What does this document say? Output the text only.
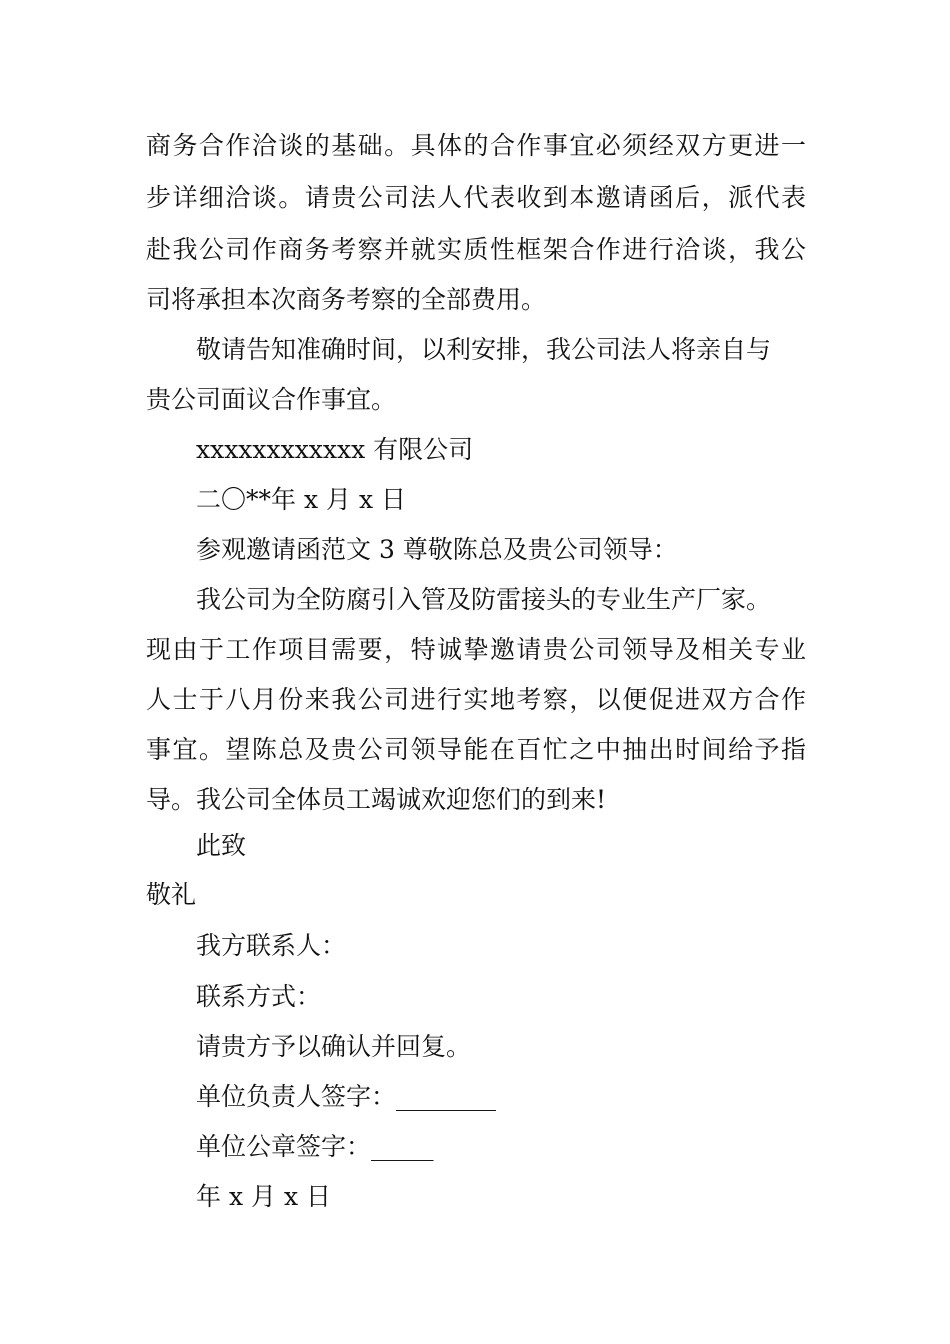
商务合作洽谈的基础。具体的合作事宜必须经双方更进一
步详细洽谈。请贵公司法人代表收到本邀请函后，派代表
赴我公司作商务考察并就实质性框架合作进行洽谈，我公
司将承担本次商务考察的全部费用。
敬请告知准确时间，以利安排，我公司法人将亲自与
贵公司面议合作事宜。
xxxxxxxxxxxx 有限公司
二〇**年 x 月 x 日
参观邀请函范文 3 尊敬陈总及贵公司领导：
我公司为全防腐引入管及防雷接头的专业生产厂家。
现由于工作项目需要，特诚挚邀请贵公司领导及相关专业
人士于八月份来我公司进行实地考察，以便促进双方合作
事宜。望陈总及贵公司领导能在百忙之中抽出时间给予指
导。我公司全体员工竭诚欢迎您们的到来!
此致
敬礼
我方联系人：
联系方式：
请贵方予以确认并回复。
单位负责人签字：________
单位公章签字：_____
年 x 月 x 日
